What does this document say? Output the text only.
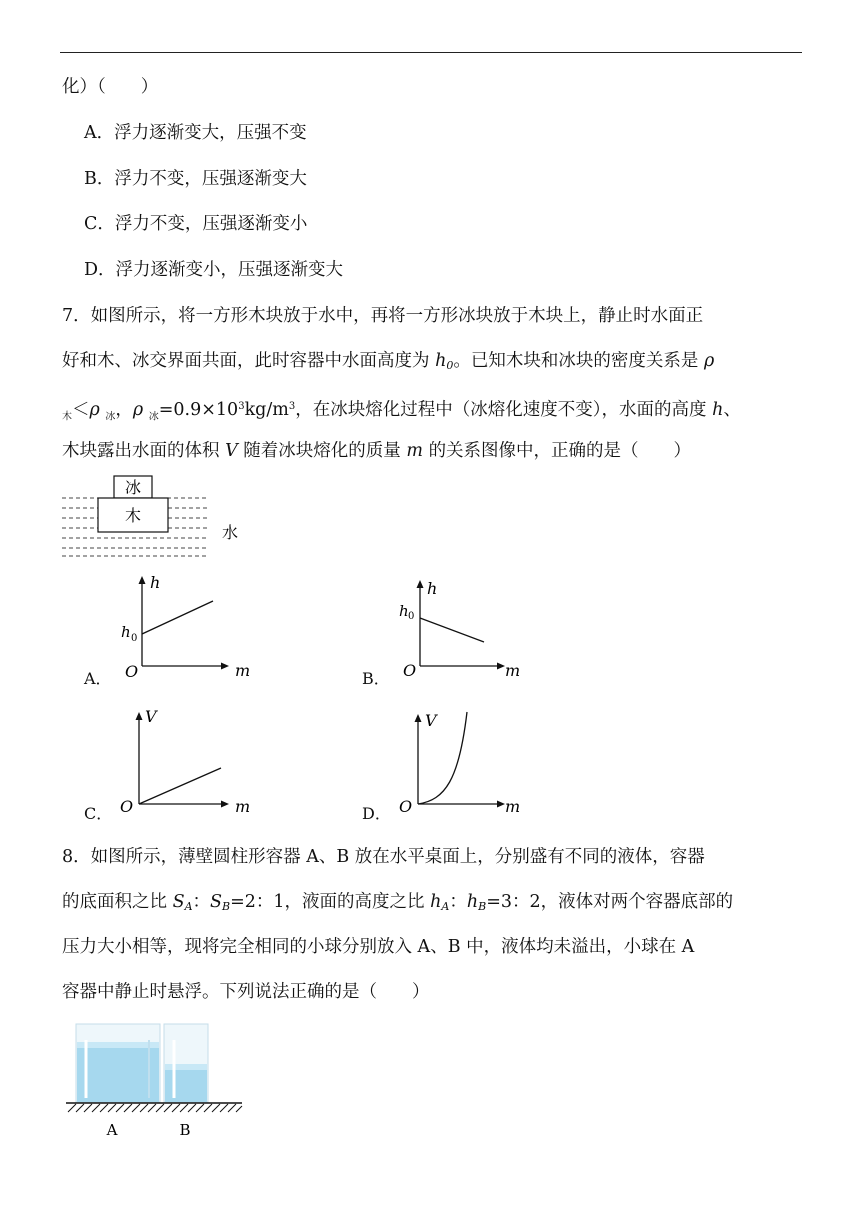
化）（　　）
A．浮力逐渐变大，压强不变
B．浮力不变，压强逐渐变大
C．浮力不变，压强逐渐变小
D．浮力逐渐变小，压强逐渐变大
7．如图所示，将一方形木块放于水中，再将一方形冰块放于木块上，静止时水面正
好和木、冰交界面共面，此时容器中水面高度为 $h_0$。已知木块和冰块的密度关系是 ρ
$_木$＜ρ $_冰$，ρ $_冰=0.9\times 10^3kg/m^3$，在冰块熔化过程中（冰熔化速度不变），水面的高度 h、
木块露出水面的体积 V 随着冰块熔化的质量 m 的关系图像中，正确的是（　　）
冰
木
水
A．
h
h 0
O	m	B．
h
h 0
O	m
C．
V
O	m	D．
V
O	m
8．如图所示，薄壁圆柱形容器 A、B 放在水平桌面上，分别盛有不同的液体，容器
的底面积之比 $S_A$：$S_B=2$：1，液面的高度之比 $h_A$：$h_B=3$：2，液体对两个容器底部的
压力大小相等，现将完全相同的小球分别放入 A、B 中，液体均未溢出，小球在 A
容器中静止时悬浮。下列说法正确的是（　　）
A	B
